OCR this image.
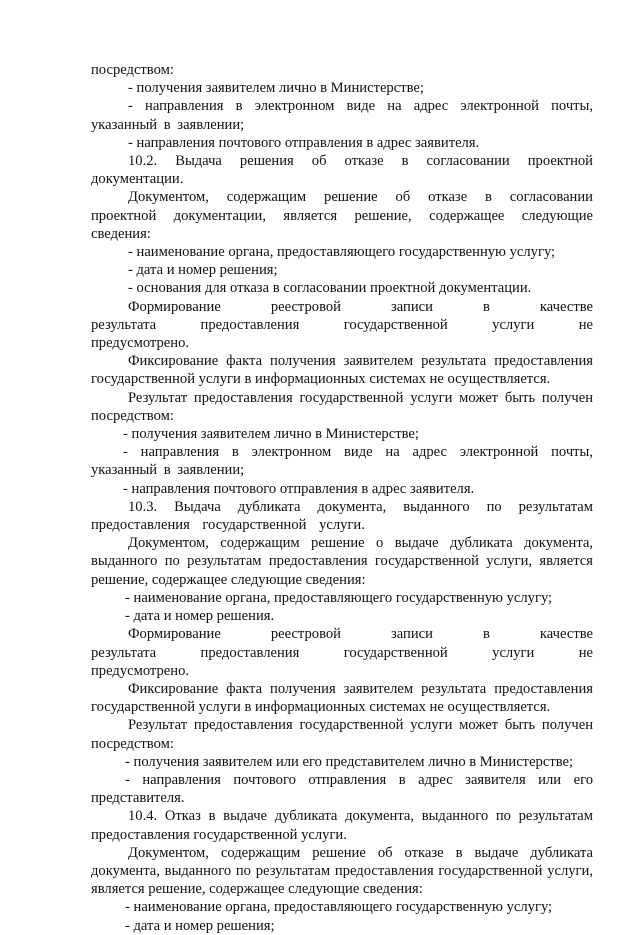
посредством:

- получения заявителем лично в Министерстве;

- направления в электронном виде на адрес электронной почты, указанный в заявлении;

- направления почтового отправления в адрес заявителя.

10.2. Выдача решения об отказе в согласовании проектной документации.

Документом, содержащим решение об отказе в согласовании проектной документации, является решение, содержащее следующие сведения:

- наименование органа, предоставляющего государственную услугу;

- дата и номер решения;

- основания для отказа в согласовании проектной документации.

Формирование реестровой записи в качестве результата предоставления государственной услуги не предусмотрено.

Фиксирование факта получения заявителем результата предоставления государственной услуги в информационных системах не осуществляется.

Результат предоставления государственной услуги может быть получен посредством:

- получения заявителем лично в Министерстве;

- направления в электронном виде на адрес электронной почты, указанный в заявлении;

- направления почтового отправления в адрес заявителя.

10.3. Выдача дубликата документа, выданного по результатам предоставления государственной услуги.

Документом, содержащим решение о выдаче дубликата документа, выданного по результатам предоставления государственной услуги, является решение, содержащее следующие сведения:

- наименование органа, предоставляющего государственную услугу;

- дата и номер решения.

Формирование реестровой записи в качестве результата предоставления государственной услуги не предусмотрено.

Фиксирование факта получения заявителем результата предоставления государственной услуги в информационных системах не осуществляется.

Результат предоставления государственной услуги может быть получен посредством:

- получения заявителем или его представителем лично в Министерстве;

- направления почтового отправления в адрес заявителя или его представителя.

10.4. Отказ в выдаче дубликата документа, выданного по результатам предоставления государственной услуги.

Документом, содержащим решение об отказе в выдаче дубликата документа, выданного по результатам предоставления государственной услуги, является решение, содержащее следующие сведения:

- наименование органа, предоставляющего государственную услугу;

- дата и номер решения;
